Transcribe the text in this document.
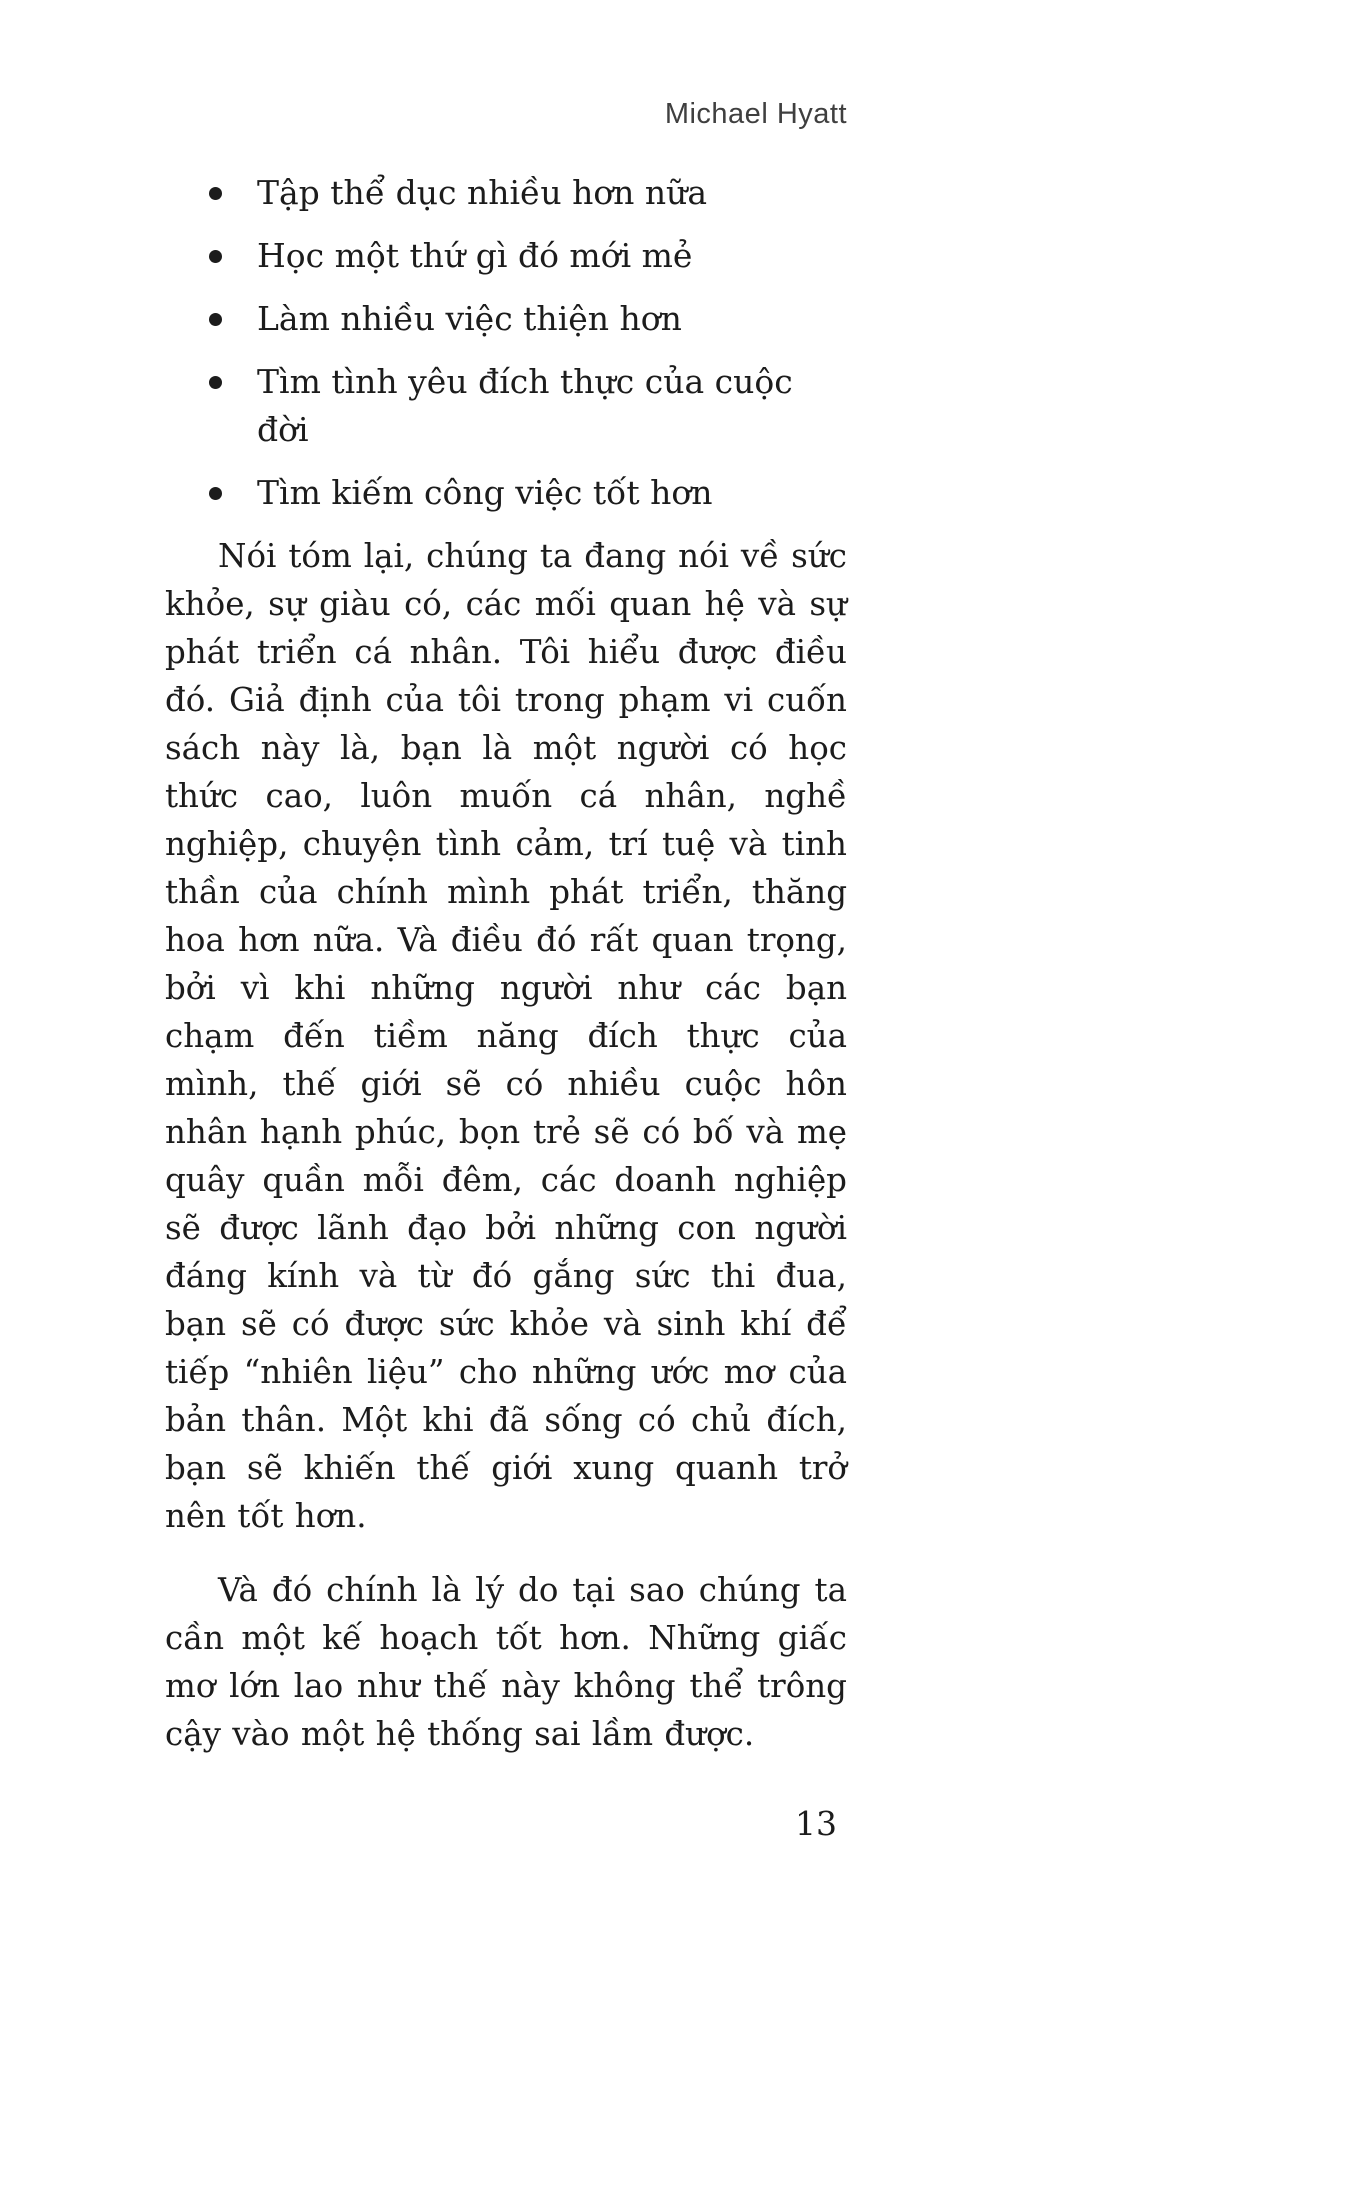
Michael Hyatt
Tập thể dục nhiều hơn nữa
Học một thứ gì đó mới mẻ
Làm nhiều việc thiện hơn
Tìm tình yêu đích thực của cuộc đời
Tìm kiếm công việc tốt hơn

Nói tóm lại, chúng ta đang nói về sức khỏe, sự giàu có, các mối quan hệ và sự phát triển cá nhân. Tôi hiểu được điều đó. Giả định của tôi trong phạm vi cuốn sách này là, bạn là một người có học thức cao, luôn muốn cá nhân, nghề nghiệp, chuyện tình cảm, trí tuệ và tinh thần của chính mình phát triển, thăng hoa hơn nữa. Và điều đó rất quan trọng, bởi vì khi những người như các bạn chạm đến tiềm năng đích thực của mình, thế giới sẽ có nhiều cuộc hôn nhân hạnh phúc, bọn trẻ sẽ có bố và mẹ quây quần mỗi đêm, các doanh nghiệp sẽ được lãnh đạo bởi những con người đáng kính và từ đó gắng sức thi đua, bạn sẽ có được sức khỏe và sinh khí để tiếp “nhiên liệu” cho những ước mơ của bản thân. Một khi đã sống có chủ đích, bạn sẽ khiến thế giới xung quanh trở nên tốt hơn.

Và đó chính là lý do tại sao chúng ta cần một kế hoạch tốt hơn. Những giấc mơ lớn lao như thế này không thể trông cậy vào một hệ thống sai lầm được.

13
